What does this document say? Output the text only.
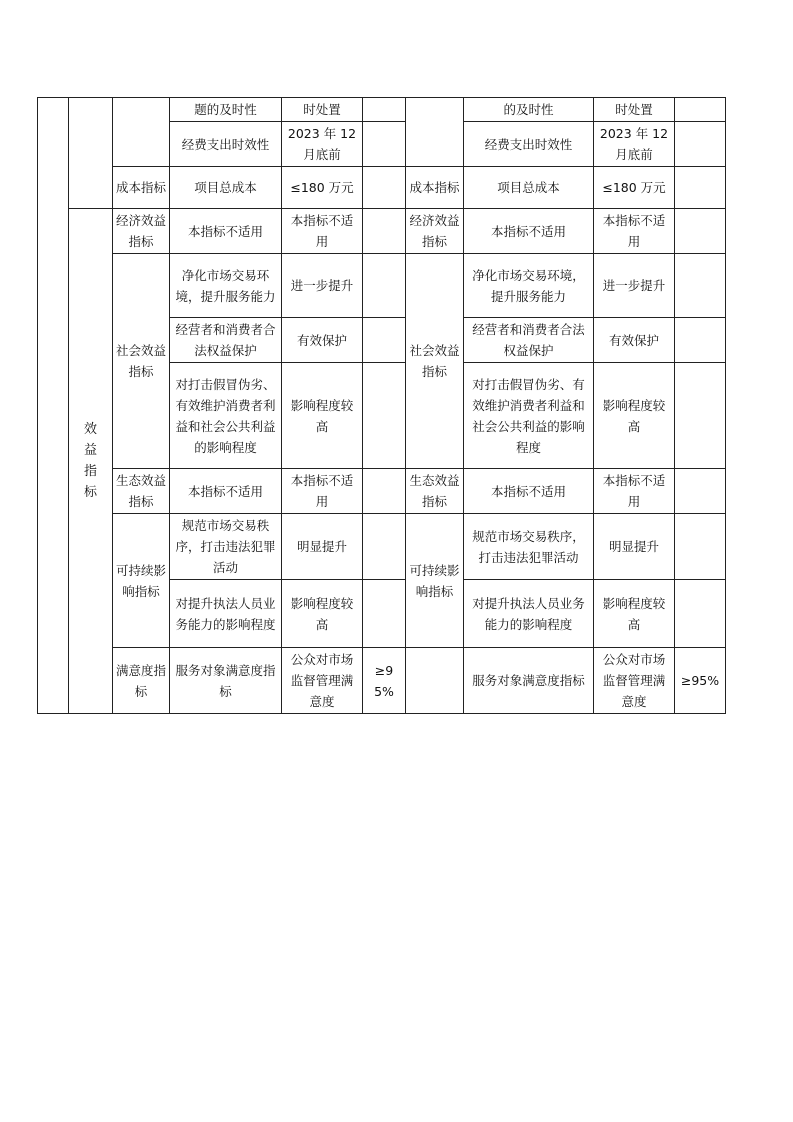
			题的及时性	时处置			的及时性	时处置		
			经费支出时效性	2023 年 12 月底前			经费支出时效性	2023 年 12 月底前		
		成本指标	项目总成本	≤180 万元		成本指标	项目总成本	≤180 万元		
	效益指标	经济效益指标	本指标不适用	本指标不适用		经济效益指标	本指标不适用	本指标不适用		
		社会效益指标	净化市场交易环境，提升服务能力	进一步提升		社会效益指标	净化市场交易环境，提升服务能力	进一步提升		
			经营者和消费者合法权益保护	有效保护			经营者和消费者合法权益保护	有效保护		
			对打击假冒伪劣、有效维护消费者利益和社会公共利益的影响程度	影响程度较高			对打击假冒伪劣、有效维护消费者利益和社会公共利益的影响程度	影响程度较高		
		生态效益指标	本指标不适用	本指标不适用		生态效益指标	本指标不适用	本指标不适用		
		可持续影响指标	规范市场交易秩序，打击违法犯罪活动	明显提升		可持续影响指标	规范市场交易秩序，打击违法犯罪活动	明显提升		
			对提升执法人员业务能力的影响程度	影响程度较高			对提升执法人员业务能力的影响程度	影响程度较高		
		满意度指标	服务对象满意度指标	公众对市场监督管理满意度	≥95%		服务对象满意度指标	公众对市场监督管理满意度	≥95%	
